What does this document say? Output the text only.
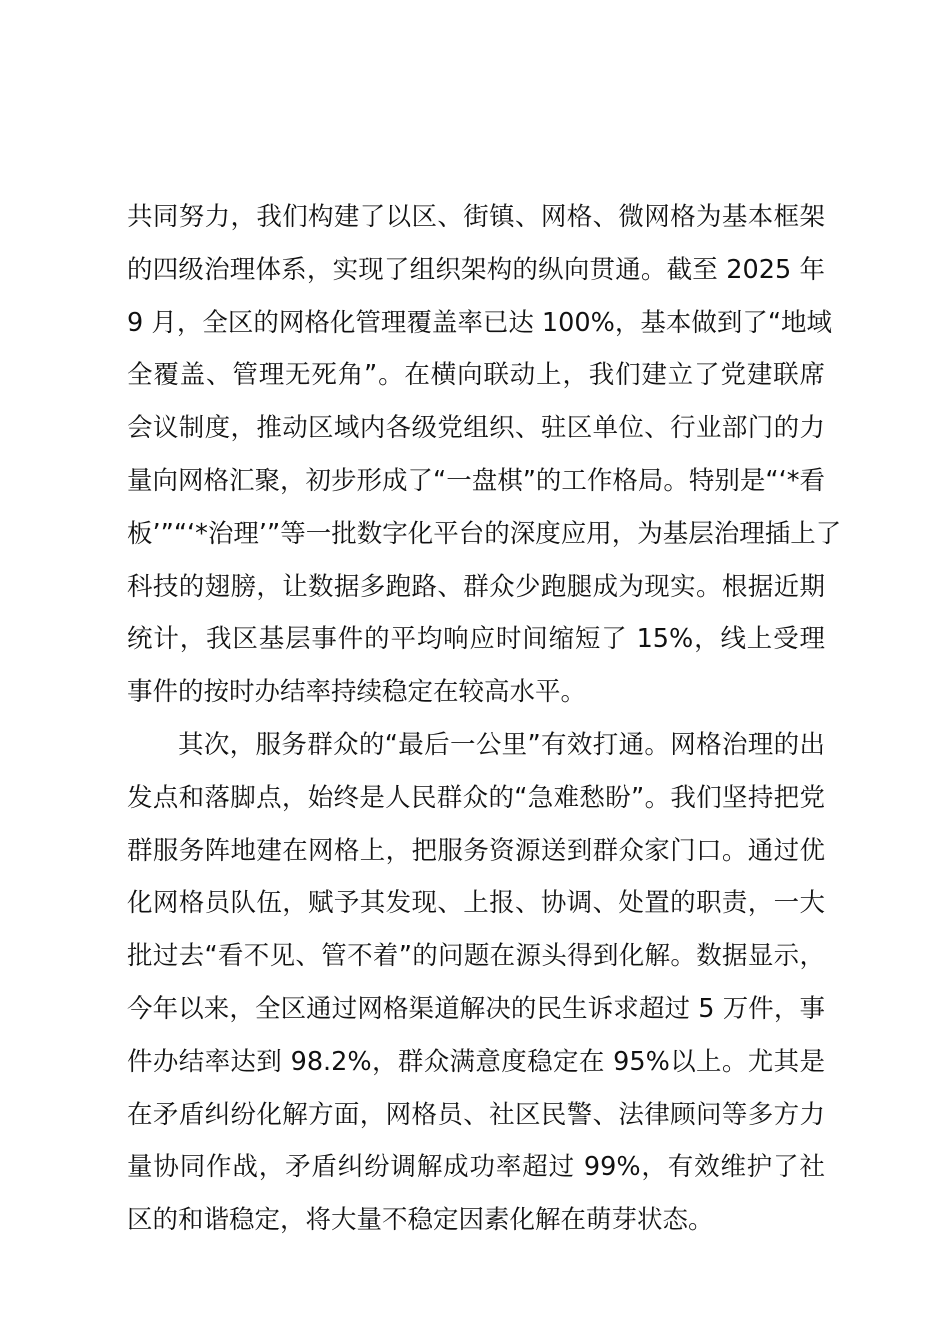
共同努力，我们构建了以区、街镇、网格、微网格为基本框架
的四级治理体系，实现了组织架构的纵向贯通。截至 2025 年
9 月，全区的网格化管理覆盖率已达 100%，基本做到了“地域
全覆盖、管理无死角”。在横向联动上，我们建立了党建联席
会议制度，推动区域内各级党组织、驻区单位、行业部门的力
量向网格汇聚，初步形成了“一盘棋”的工作格局。特别是“‘*看
板’”“‘*治理’”等一批数字化平台的深度应用，为基层治理插上了
科技的翅膀，让数据多跑路、群众少跑腿成为现实。根据近期
统计，我区基层事件的平均响应时间缩短了 15%，线上受理
事件的按时办结率持续稳定在较高水平。
其次，服务群众的“最后一公里”有效打通。网格治理的出
发点和落脚点，始终是人民群众的“急难愁盼”。我们坚持把党
群服务阵地建在网格上，把服务资源送到群众家门口。通过优
化网格员队伍，赋予其发现、上报、协调、处置的职责，一大
批过去“看不见、管不着”的问题在源头得到化解。数据显示，
今年以来，全区通过网格渠道解决的民生诉求超过 5 万件，事
件办结率达到 98.2%，群众满意度稳定在 95%以上。尤其是
在矛盾纠纷化解方面，网格员、社区民警、法律顾问等多方力
量协同作战，矛盾纠纷调解成功率超过 99%，有效维护了社
区的和谐稳定，将大量不稳定因素化解在萌芽状态。
